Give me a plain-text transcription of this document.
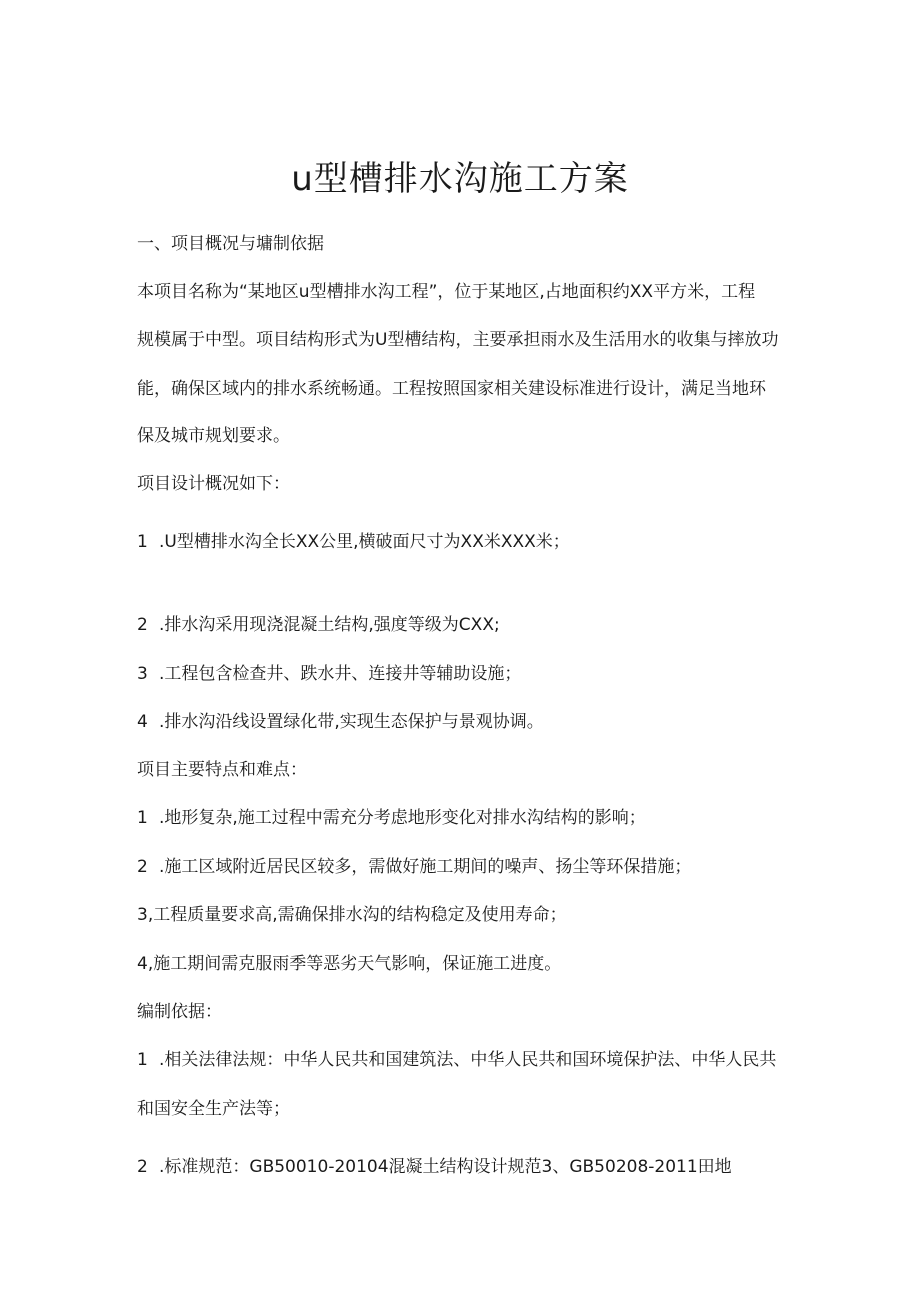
u型槽排水沟施工方案

一、项目概况与墉制依据

本项目名称为“某地区u型槽排水沟工程”，位于某地区,占地面积约XX平方米，工程

规模属于中型。项目结构形式为U型槽结构，主要承担雨水及生活用水的收集与摔放功

能，确保区域内的排水系统畅通。工程按照国家相关建设标准进行设计，满足当地环

保及城市规划要求。

项目设计概况如下：

1 .U型槽排水沟全长XX公里,横破面尺寸为XX米XXX米；

2 .排水沟采用现浇混凝土结构,强度等级为CXX;

3 .工程包含检查井、跌水井、连接井等辅助设施；

4 .排水沟沿线设置绿化带,实现生态保护与景观协调。

项目主要特点和难点：

1 .地形复杂,施工过程中需充分考虑地形变化对排水沟结构的影响；

2 .施工区域附近居民区较多，需做好施工期间的噪声、扬尘等环保措施；

3,工程质量要求高,需确保排水沟的结构稳定及使用寿命；

4,施工期间需克服雨季等恶劣天气影响，保证施工进度。

编制依据：

1 .相关法律法规：中华人民共和国建筑法、中华人民共和国环境保护法、中华人民共

和国安全生产法等；

2 .标准规范：GB50010-20104混凝土结构设计规范3、GB50208-2011田地
